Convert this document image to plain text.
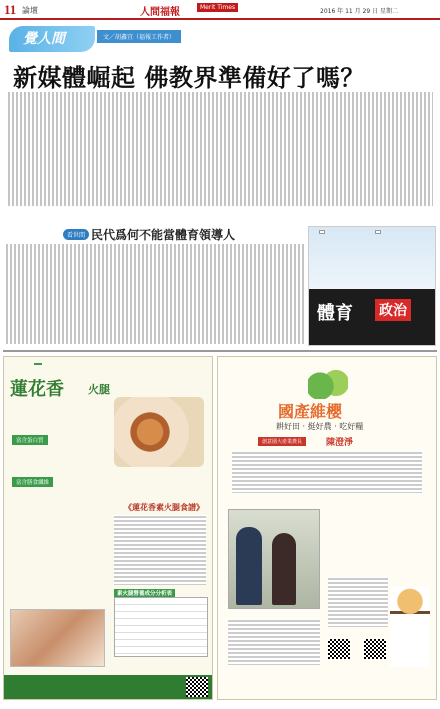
11 論壇	人間福報	Merit Times
2016 年 11 月 29 日 星期二
覺人間	文／胡鑫宜（福報工作者）
新媒體崛起 佛教界準備好了嗎？
看世間 民代爲何不能當體育領導人
體育 政治
蓮花香 火腿
富含蛋白質
富含膳食纖維
《蓮花香素火腿食譜》
素火腿營養成分分析表
國產維櫻
耕好田 · 挺好農 · 吃好糧
創意園大產業農長	陳澄淨
